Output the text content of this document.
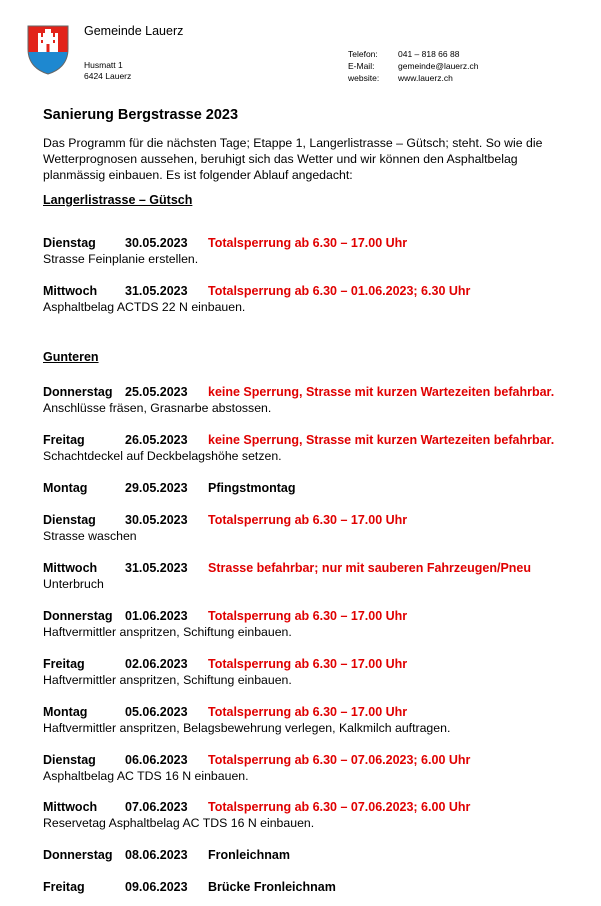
Gemeinde Lauerz
Husmatt 1
6424 Lauerz
Telefon:	041 – 818 66 88
E-Mail:	gemeinde@lauerz.ch
website:	www.lauerz.ch
Sanierung Bergstrasse 2023
Das Programm für die nächsten Tage; Etappe 1, Langerlistrasse – Gütsch; steht. So wie die Wetterprognosen aussehen, beruhigt sich das Wetter und wir können den Asphaltbelag planmässig einbauen. Es ist folgender Ablauf angedacht:
Langerlistrasse – Gütsch
Dienstag 30.05.2023 Totalsperrung ab 6.30 – 17.00 Uhr
Strasse Feinplanie erstellen.
Mittwoch 31.05.2023 Totalsperrung ab 6.30 – 01.06.2023; 6.30 Uhr
Asphaltbelag ACTDS 22 N einbauen.
Gunteren
Donnerstag 25.05.2023 keine Sperrung, Strasse mit kurzen Wartezeiten befahrbar.
Anschlüsse fräsen, Grasnarbe abstossen.
Freitag	26.05.2023 keine Sperrung, Strasse mit kurzen Wartezeiten befahrbar.
Schachtdeckel auf Deckbelagshöhe setzen.
Montag	29.05.2023 Pfingstmontag
Dienstag 30.05.2023 Totalsperrung ab 6.30 – 17.00 Uhr
Strasse waschen
Mittwoch 31.05.2023 Strasse befahrbar; nur mit sauberen Fahrzeugen/Pneu
Unterbruch
Donnerstag 01.06.2023 Totalsperrung ab 6.30 – 17.00 Uhr
Haftvermittler anspritzen, Schiftung einbauen.
Freitag	02.06.2023 Totalsperrung ab 6.30 – 17.00 Uhr
Haftvermittler anspritzen, Schiftung einbauen.
Montag	05.06.2023 Totalsperrung ab 6.30 – 17.00 Uhr
Haftvermittler anspritzen, Belagsbewehrung verlegen, Kalkmilch auftragen.
Dienstag 06.06.2023 Totalsperrung ab 6.30 – 07.06.2023; 6.00 Uhr
Asphaltbelag AC TDS 16 N einbauen.
Mittwoch 07.06.2023 Totalsperrung ab 6.30 – 07.06.2023; 6.00 Uhr
Reservetag Asphaltbelag AC TDS 16 N einbauen.
Donnerstag 08.06.2023 Fronleichnam
Freitag	09.06.2023 Brücke Fronleichnam
